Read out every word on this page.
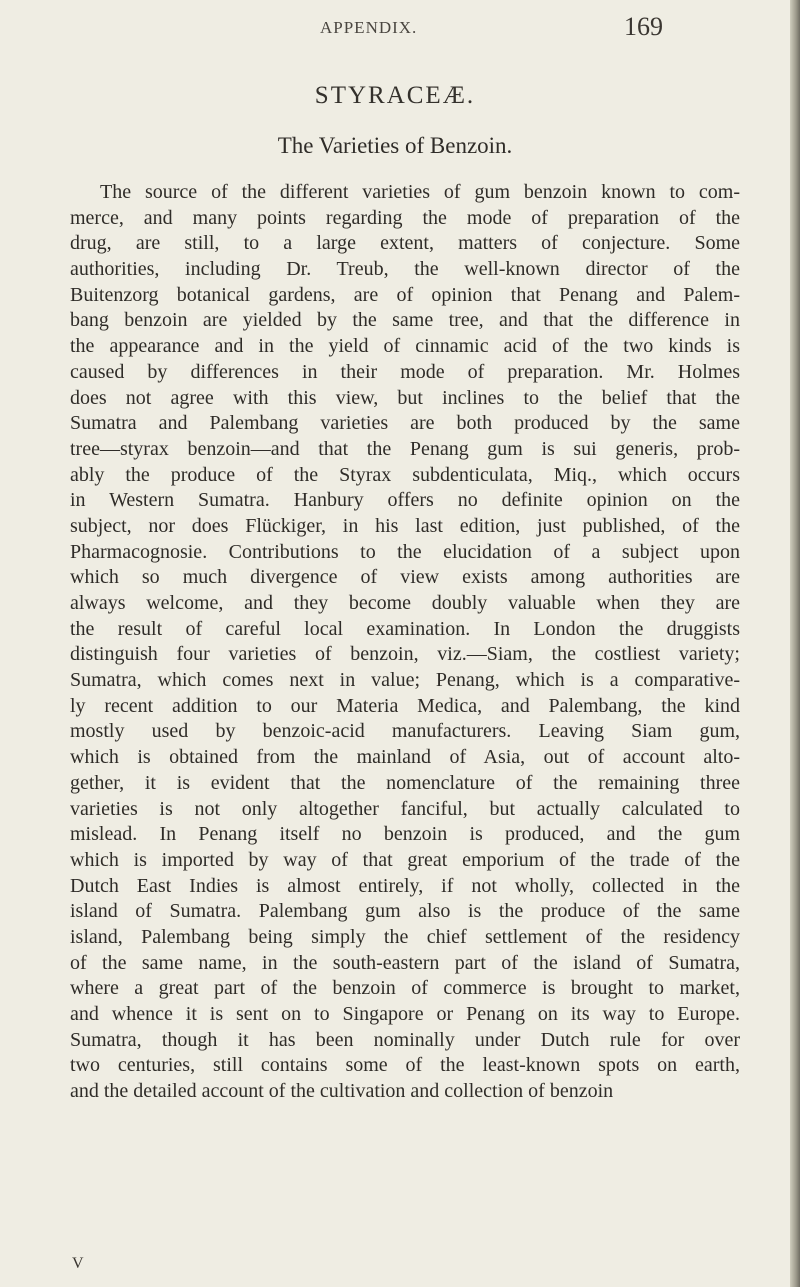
APPENDIX.	169
STYRACEÆ.
The Varieties of Benzoin.
The source of the different varieties of gum benzoin known to com-
merce, and many points regarding the mode of preparation of the
drug, are still, to a large extent, matters of conjecture. Some
authorities, including Dr. Treub, the well-known director of the
Buitenzorg botanical gardens, are of opinion that Penang and Palem-
bang benzoin are yielded by the same tree, and that the difference in
the appearance and in the yield of cinnamic acid of the two kinds is
caused by differences in their mode of preparation. Mr. Holmes
does not agree with this view, but inclines to the belief that the
Sumatra and Palembang varieties are both produced by the same
tree—styrax benzoin—and that the Penang gum is sui generis, prob-
ably the produce of the Styrax subdenticulata, Miq., which occurs
in Western Sumatra. Hanbury offers no definite opinion on the
subject, nor does Flückiger, in his last edition, just published, of the
Pharmacognosie. Contributions to the elucidation of a subject upon
which so much divergence of view exists among authorities are
always welcome, and they become doubly valuable when they are
the result of careful local examination. In London the druggists
distinguish four varieties of benzoin, viz.—Siam, the costliest variety;
Sumatra, which comes next in value; Penang, which is a comparative-
ly recent addition to our Materia Medica, and Palembang, the kind
mostly used by benzoic-acid manufacturers. Leaving Siam gum,
which is obtained from the mainland of Asia, out of account alto-
gether, it is evident that the nomenclature of the remaining three
varieties is not only altogether fanciful, but actually calculated to
mislead. In Penang itself no benzoin is produced, and the gum
which is imported by way of that great emporium of the trade of the
Dutch East Indies is almost entirely, if not wholly, collected in the
island of Sumatra. Palembang gum also is the produce of the same
island, Palembang being simply the chief settlement of the residency
of the same name, in the south-eastern part of the island of Sumatra,
where a great part of the benzoin of commerce is brought to market,
and whence it is sent on to Singapore or Penang on its way to Europe.
Sumatra, though it has been nominally under Dutch rule for over
two centuries, still contains some of the least-known spots on earth,
and the detailed account of the cultivation and collection of benzoin
V
